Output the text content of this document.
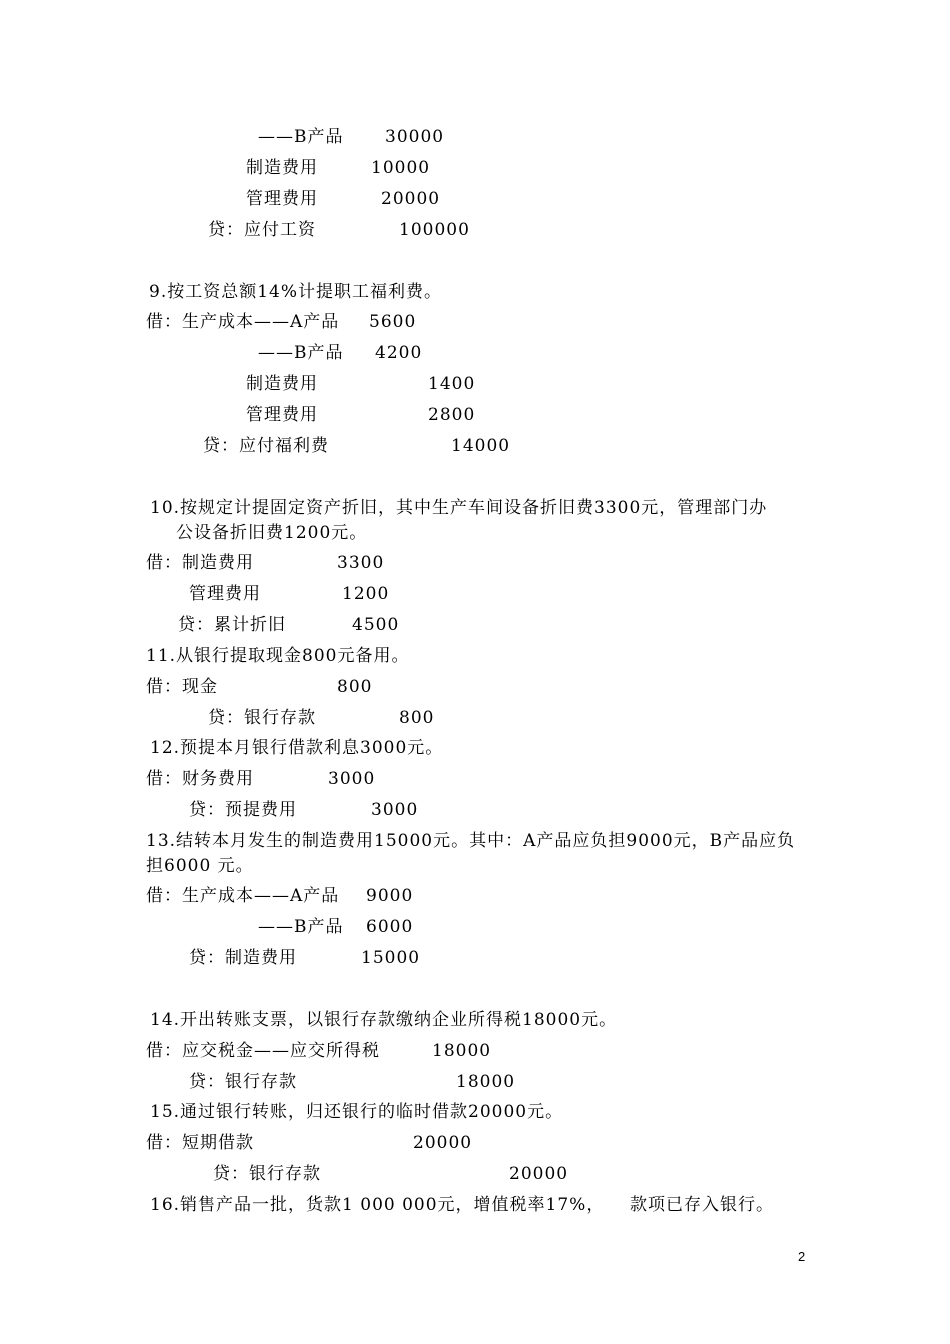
——B产品 30000
制造费用	10000
管理费用	20000
贷：应付工资	100000
9.按工资总额14%计提职工福利费。
借：生产成本——A产品 5600
——B产品 4200
制造费用	1400
管理费用	2800
贷：应付福利费	14000
10.按规定计提固定资产折旧，其中生产车间设备折旧费3300元，管理部门办
公设备折旧费1200元。
借：制造费用	3300
管理费用	1200
贷：累计折旧	4500
11.从银行提取现金800元备用。
借：现金	800
贷：银行存款	800
12.预提本月银行借款利息3000元。
借：财务费用	3000
贷：预提费用	3000
13.结转本月发生的制造费用15000元。其中：A产品应负担9000元，B产品应负
担6000 元。
借：生产成本——A产品 9000
——B产品 6000
贷：制造费用	15000
14.开出转账支票，以银行存款缴纳企业所得税18000元。
借：应交税金——应交所得税	18000
贷：银行存款	18000
15.通过银行转账，归还银行的临时借款20000元。
借：短期借款	20000
贷：银行存款	20000
16.销售产品一批，货款1 000 000元，增值税率17%，    款项已存入银行。
2
